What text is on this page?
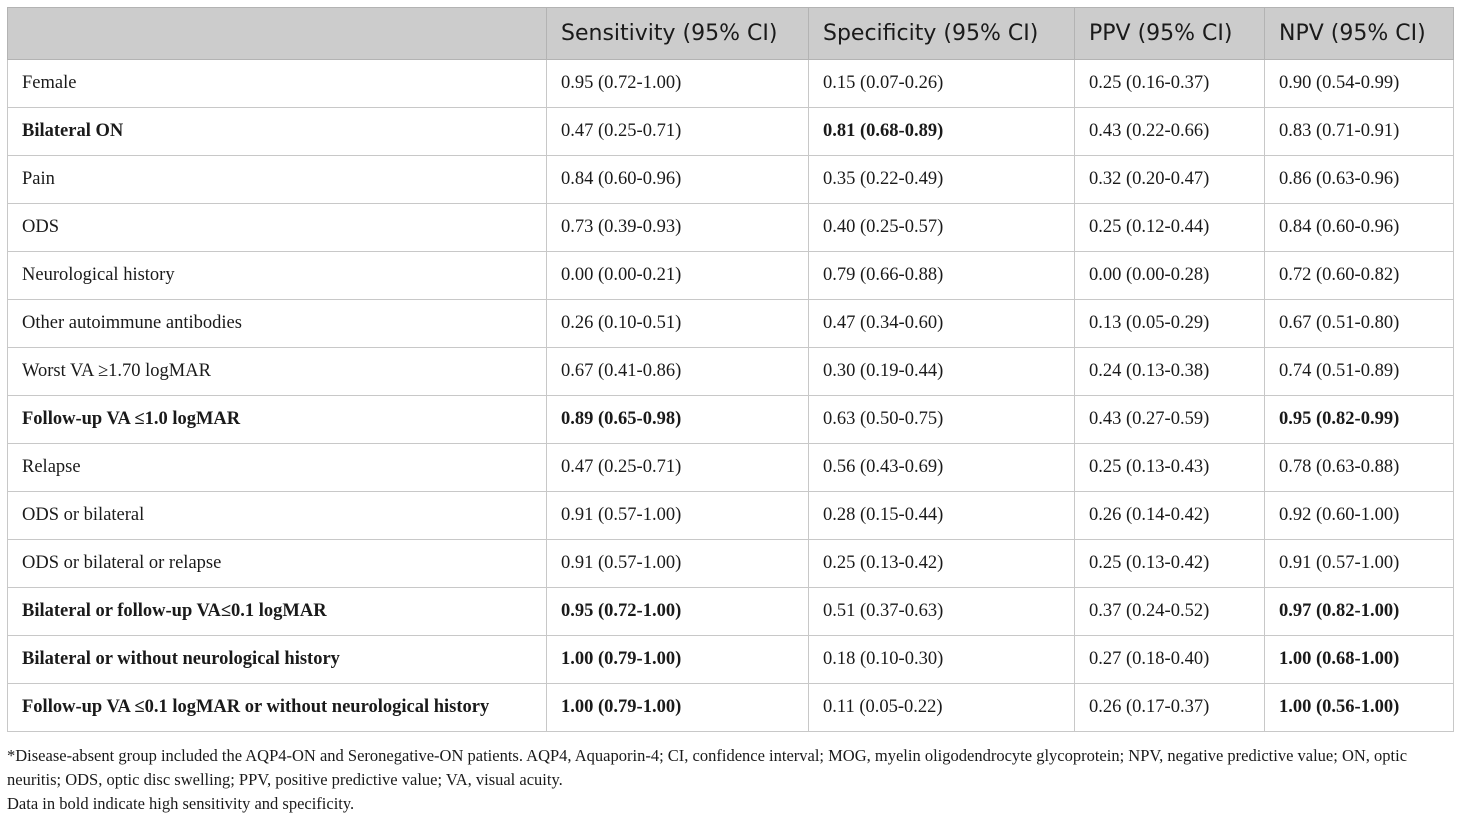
	Sensitivity (95% CI)	Specificity (95% CI)	PPV (95% CI)	NPV (95% CI)
Female	0.95 (0.72-1.00)	0.15 (0.07-0.26)	0.25 (0.16-0.37)	0.90 (0.54-0.99)
Bilateral ON	0.47 (0.25-0.71)	0.81 (0.68-0.89)	0.43 (0.22-0.66)	0.83 (0.71-0.91)
Pain	0.84 (0.60-0.96)	0.35 (0.22-0.49)	0.32 (0.20-0.47)	0.86 (0.63-0.96)
ODS	0.73 (0.39-0.93)	0.40 (0.25-0.57)	0.25 (0.12-0.44)	0.84 (0.60-0.96)
Neurological history	0.00 (0.00-0.21)	0.79 (0.66-0.88)	0.00 (0.00-0.28)	0.72 (0.60-0.82)
Other autoimmune antibodies	0.26 (0.10-0.51)	0.47 (0.34-0.60)	0.13 (0.05-0.29)	0.67 (0.51-0.80)
Worst VA ≥1.70 logMAR	0.67 (0.41-0.86)	0.30 (0.19-0.44)	0.24 (0.13-0.38)	0.74 (0.51-0.89)
Follow-up VA ≤1.0 logMAR	0.89 (0.65-0.98)	0.63 (0.50-0.75)	0.43 (0.27-0.59)	0.95 (0.82-0.99)
Relapse	0.47 (0.25-0.71)	0.56 (0.43-0.69)	0.25 (0.13-0.43)	0.78 (0.63-0.88)
ODS or bilateral	0.91 (0.57-1.00)	0.28 (0.15-0.44)	0.26 (0.14-0.42)	0.92 (0.60-1.00)
ODS or bilateral or relapse	0.91 (0.57-1.00)	0.25 (0.13-0.42)	0.25 (0.13-0.42)	0.91 (0.57-1.00)
Bilateral or follow-up VA≤0.1 logMAR	0.95 (0.72-1.00)	0.51 (0.37-0.63)	0.37 (0.24-0.52)	0.97 (0.82-1.00)
Bilateral or without neurological history	1.00 (0.79-1.00)	0.18 (0.10-0.30)	0.27 (0.18-0.40)	1.00 (0.68-1.00)
Follow-up VA ≤0.1 logMAR or without neurological history	1.00 (0.79-1.00)	0.11 (0.05-0.22)	0.26 (0.17-0.37)	1.00 (0.56-1.00)

*Disease-absent group included the AQP4-ON and Seronegative-ON patients. AQP4, Aquaporin-4; CI, confidence interval; MOG, myelin oligodendrocyte glycoprotein; NPV, negative predictive value; ON, optic neuritis; ODS, optic disc swelling; PPV, positive predictive value; VA, visual acuity.

Data in bold indicate high sensitivity and specificity.
